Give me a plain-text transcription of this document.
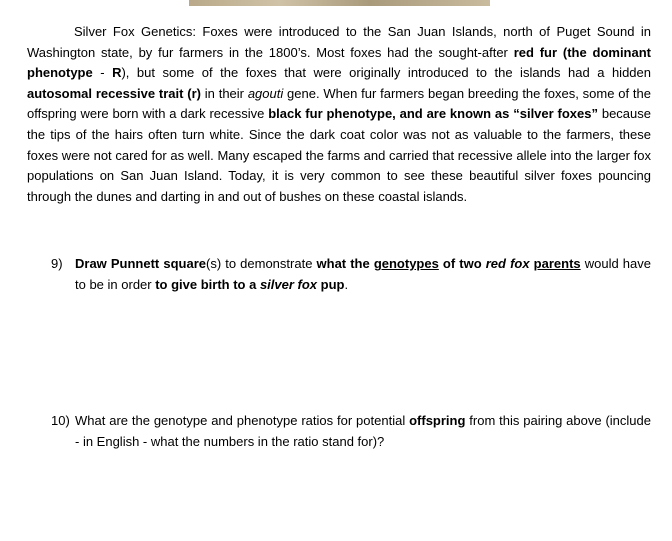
Silver Fox Genetics: Foxes were introduced to the San Juan Islands, north of Puget Sound in Washington state, by fur farmers in the 1800’s. Most foxes had the sought-after red fur (the dominant phenotype - R), but some of the foxes that were originally introduced to the islands had a hidden autosomal recessive trait (r) in their agouti gene. When fur farmers began breeding the foxes, some of the offspring were born with a dark recessive black fur phenotype, and are known as “silver foxes” because the tips of the hairs often turn white. Since the dark coat color was not as valuable to the farmers, these foxes were not cared for as well. Many escaped the farms and carried that recessive allele into the larger fox populations on San Juan Island. Today, it is very common to see these beautiful silver foxes pouncing through the dunes and darting in and out of bushes on these coastal islands.

9) Draw Punnett square(s) to demonstrate what the genotypes of two red fox parents would have to be in order to give birth to a silver fox pup.
10) What are the genotype and phenotype ratios for potential offspring from this pairing above (include - in English - what the numbers in the ratio stand for)?
